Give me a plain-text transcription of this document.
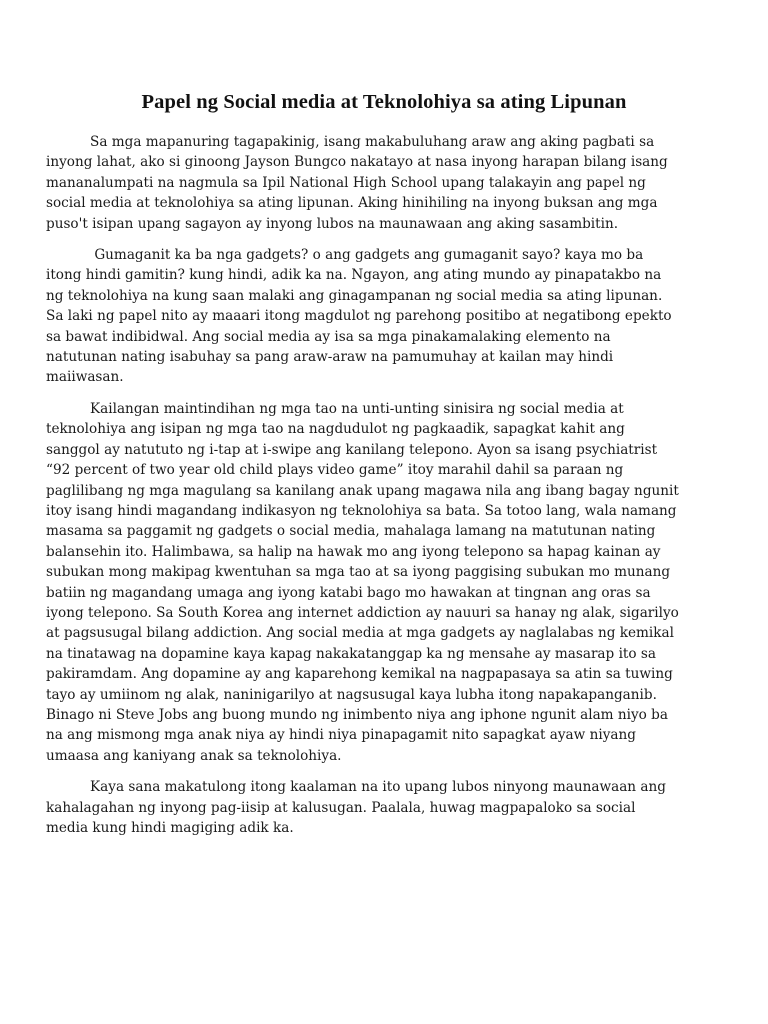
Papel ng Social media at Teknolohiya sa ating Lipunan
Sa mga mapanuring tagapakinig, isang makabuluhang araw ang aking pagbati sa
inyong lahat, ako si ginoong Jayson Bungco nakatayo at nasa inyong harapan bilang isang
mananalumpati na nagmula sa Ipil National High School upang talakayin ang papel ng
social media at teknolohiya sa ating lipunan. Aking hinihiling na inyong buksan ang mga
puso't isipan upang sagayon ay inyong lubos na maunawaan ang aking sasambitin.
Gumaganit ka ba nga gadgets? o ang gadgets ang gumaganit sayo? kaya mo ba
itong hindi gamitin? kung hindi, adik ka na. Ngayon, ang ating mundo ay pinapatakbo na
ng teknolohiya na kung saan malaki ang ginagampanan ng social media sa ating lipunan.
Sa laki ng papel nito ay maaari itong magdulot ng parehong positibo at negatibong epekto
sa bawat indibidwal. Ang social media ay isa sa mga pinakamalaking elemento na
natutunan nating isabuhay sa pang araw-araw na pamumuhay at kailan may hindi
maiiwasan.
Kailangan maintindihan ng mga tao na unti-unting sinisira ng social media at
teknolohiya ang isipan ng mga tao na nagdudulot ng pagkaadik, sapagkat kahit ang
sanggol ay natututo ng i-tap at i-swipe ang kanilang telepono. Ayon sa isang psychiatrist
“92 percent of two year old child plays video game” itoy marahil dahil sa paraan ng
paglilibang ng mga magulang sa kanilang anak upang magawa nila ang ibang bagay ngunit
itoy isang hindi magandang indikasyon ng teknolohiya sa bata. Sa totoo lang, wala namang
masama sa paggamit ng gadgets o social media, mahalaga lamang na matutunan nating
balansehin ito. Halimbawa, sa halip na hawak mo ang iyong telepono sa hapag kainan ay
subukan mong makipag kwentuhan sa mga tao at sa iyong paggising subukan mo munang
batiin ng magandang umaga ang iyong katabi bago mo hawakan at tingnan ang oras sa
iyong telepono. Sa South Korea ang internet addiction ay nauuri sa hanay ng alak, sigarilyo
at pagsusugal bilang addiction. Ang social media at mga gadgets ay naglalabas ng kemikal
na tinatawag na dopamine kaya kapag nakakatanggap ka ng mensahe ay masarap ito sa
pakiramdam. Ang dopamine ay ang kaparehong kemikal na nagpapasaya sa atin sa tuwing
tayo ay umiinom ng alak, naninigarilyo at nagsusugal kaya lubha itong napakapanganib.
Binago ni Steve Jobs ang buong mundo ng inimbento niya ang iphone ngunit alam niyo ba
na ang mismong mga anak niya ay hindi niya pinapagamit nito sapagkat ayaw niyang
umaasa ang kaniyang anak sa teknolohiya.
Kaya sana makatulong itong kaalaman na ito upang lubos ninyong maunawaan ang
kahalagahan ng inyong pag-iisip at kalusugan. Paalala, huwag magpapaloko sa social
media kung hindi magiging adik ka.
